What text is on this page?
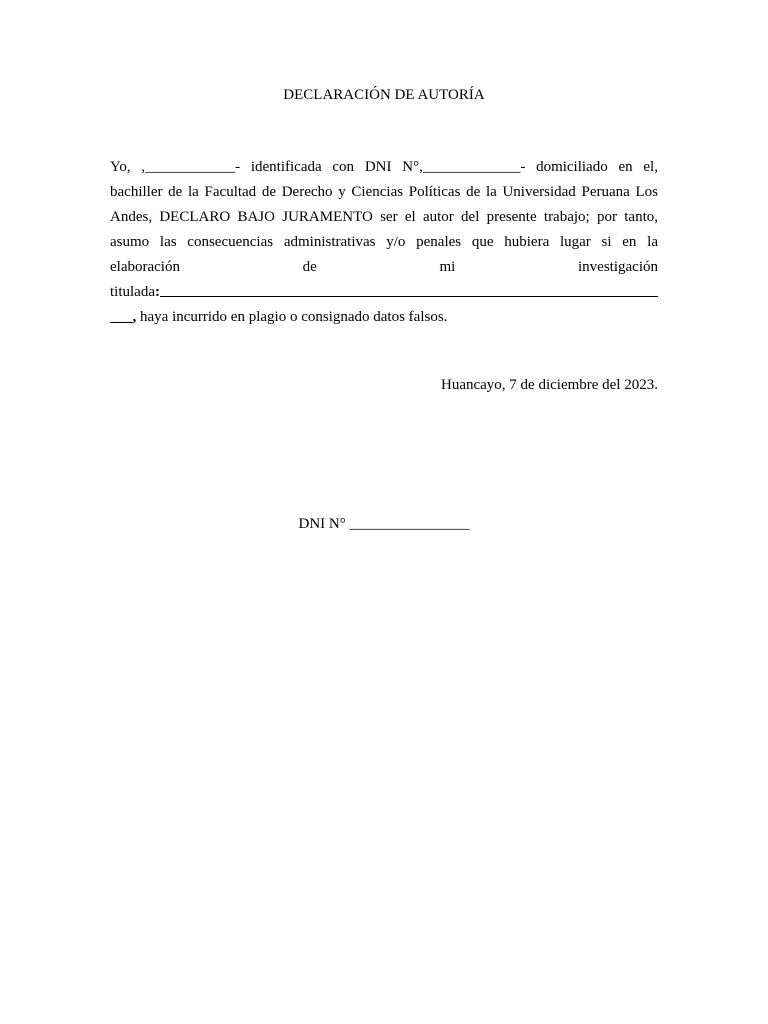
DECLARACIÓN DE AUTORÍA
Yo, ,____________- identificada con DNI N°,_____________- domiciliado en el,
bachiller de la Facultad de Derecho y Ciencias Políticas de la Universidad Peruana Los
Andes, DECLARO BAJO JURAMENTO ser el autor del presente trabajo; por tanto,
asumo las consecuencias administrativas y/o penales que hubiera lugar si en la
elaboración	de	mi	investigación
titulada :
___, haya incurrido en plagio o consignado datos falsos.
Huancayo, 7 de diciembre del 2023.
DNI N° ________________
